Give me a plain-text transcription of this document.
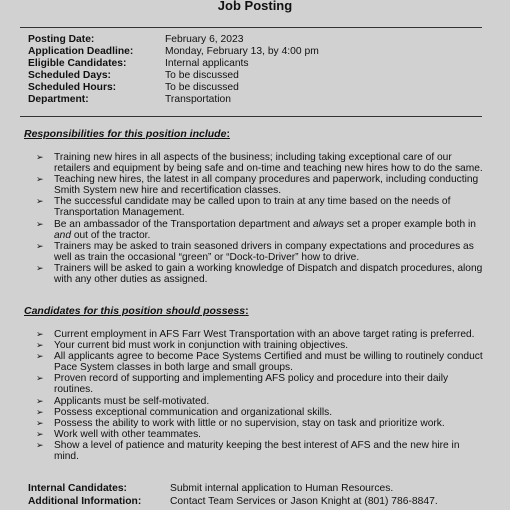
Job Posting
Posting Date:	February 6, 2023
Application Deadline:	Monday, February 13, by 4:00 pm
Eligible Candidates:	Internal applicants
Scheduled Days:	To be discussed
Scheduled Hours:	To be discussed
Department:	Transportation
Responsibilities for this position include:
➢ Training new hires in all aspects of the business; including taking exceptional care of our retailers and equipment by being safe and on-time and teaching new hires how to do the same.
➢ Teaching new hires, the latest in all company procedures and paperwork, including conducting Smith System new hire and recertification classes.
➢ The successful candidate may be called upon to train at any time based on the needs of Transportation Management.
➢ Be an ambassador of the Transportation department and always set a proper example both in and out of the tractor.
➢ Trainers may be asked to train seasoned drivers in company expectations and procedures as well as train the occasional “green” or “Dock-to-Driver” how to drive.
➢ Trainers will be asked to gain a working knowledge of Dispatch and dispatch procedures, along with any other duties as assigned.
Candidates for this position should possess:
➢ Current employment in AFS Farr West Transportation with an above target rating is preferred.
➢ Your current bid must work in conjunction with training objectives.
➢ All applicants agree to become Pace Systems Certified and must be willing to routinely conduct Pace System classes in both large and small groups.
➢ Proven record of supporting and implementing AFS policy and procedure into their daily routines.
➢ Applicants must be self-motivated.
➢ Possess exceptional communication and organizational skills.
➢ Possess the ability to work with little or no supervision, stay on task and prioritize work.
➢ Work well with other teammates.
➢ Show a level of patience and maturity keeping the best interest of AFS and the new hire in mind.
Internal Candidates:	Submit internal application to Human Resources.
Additional Information:	Contact Team Services or Jason Knight at (801) 786-8847.
